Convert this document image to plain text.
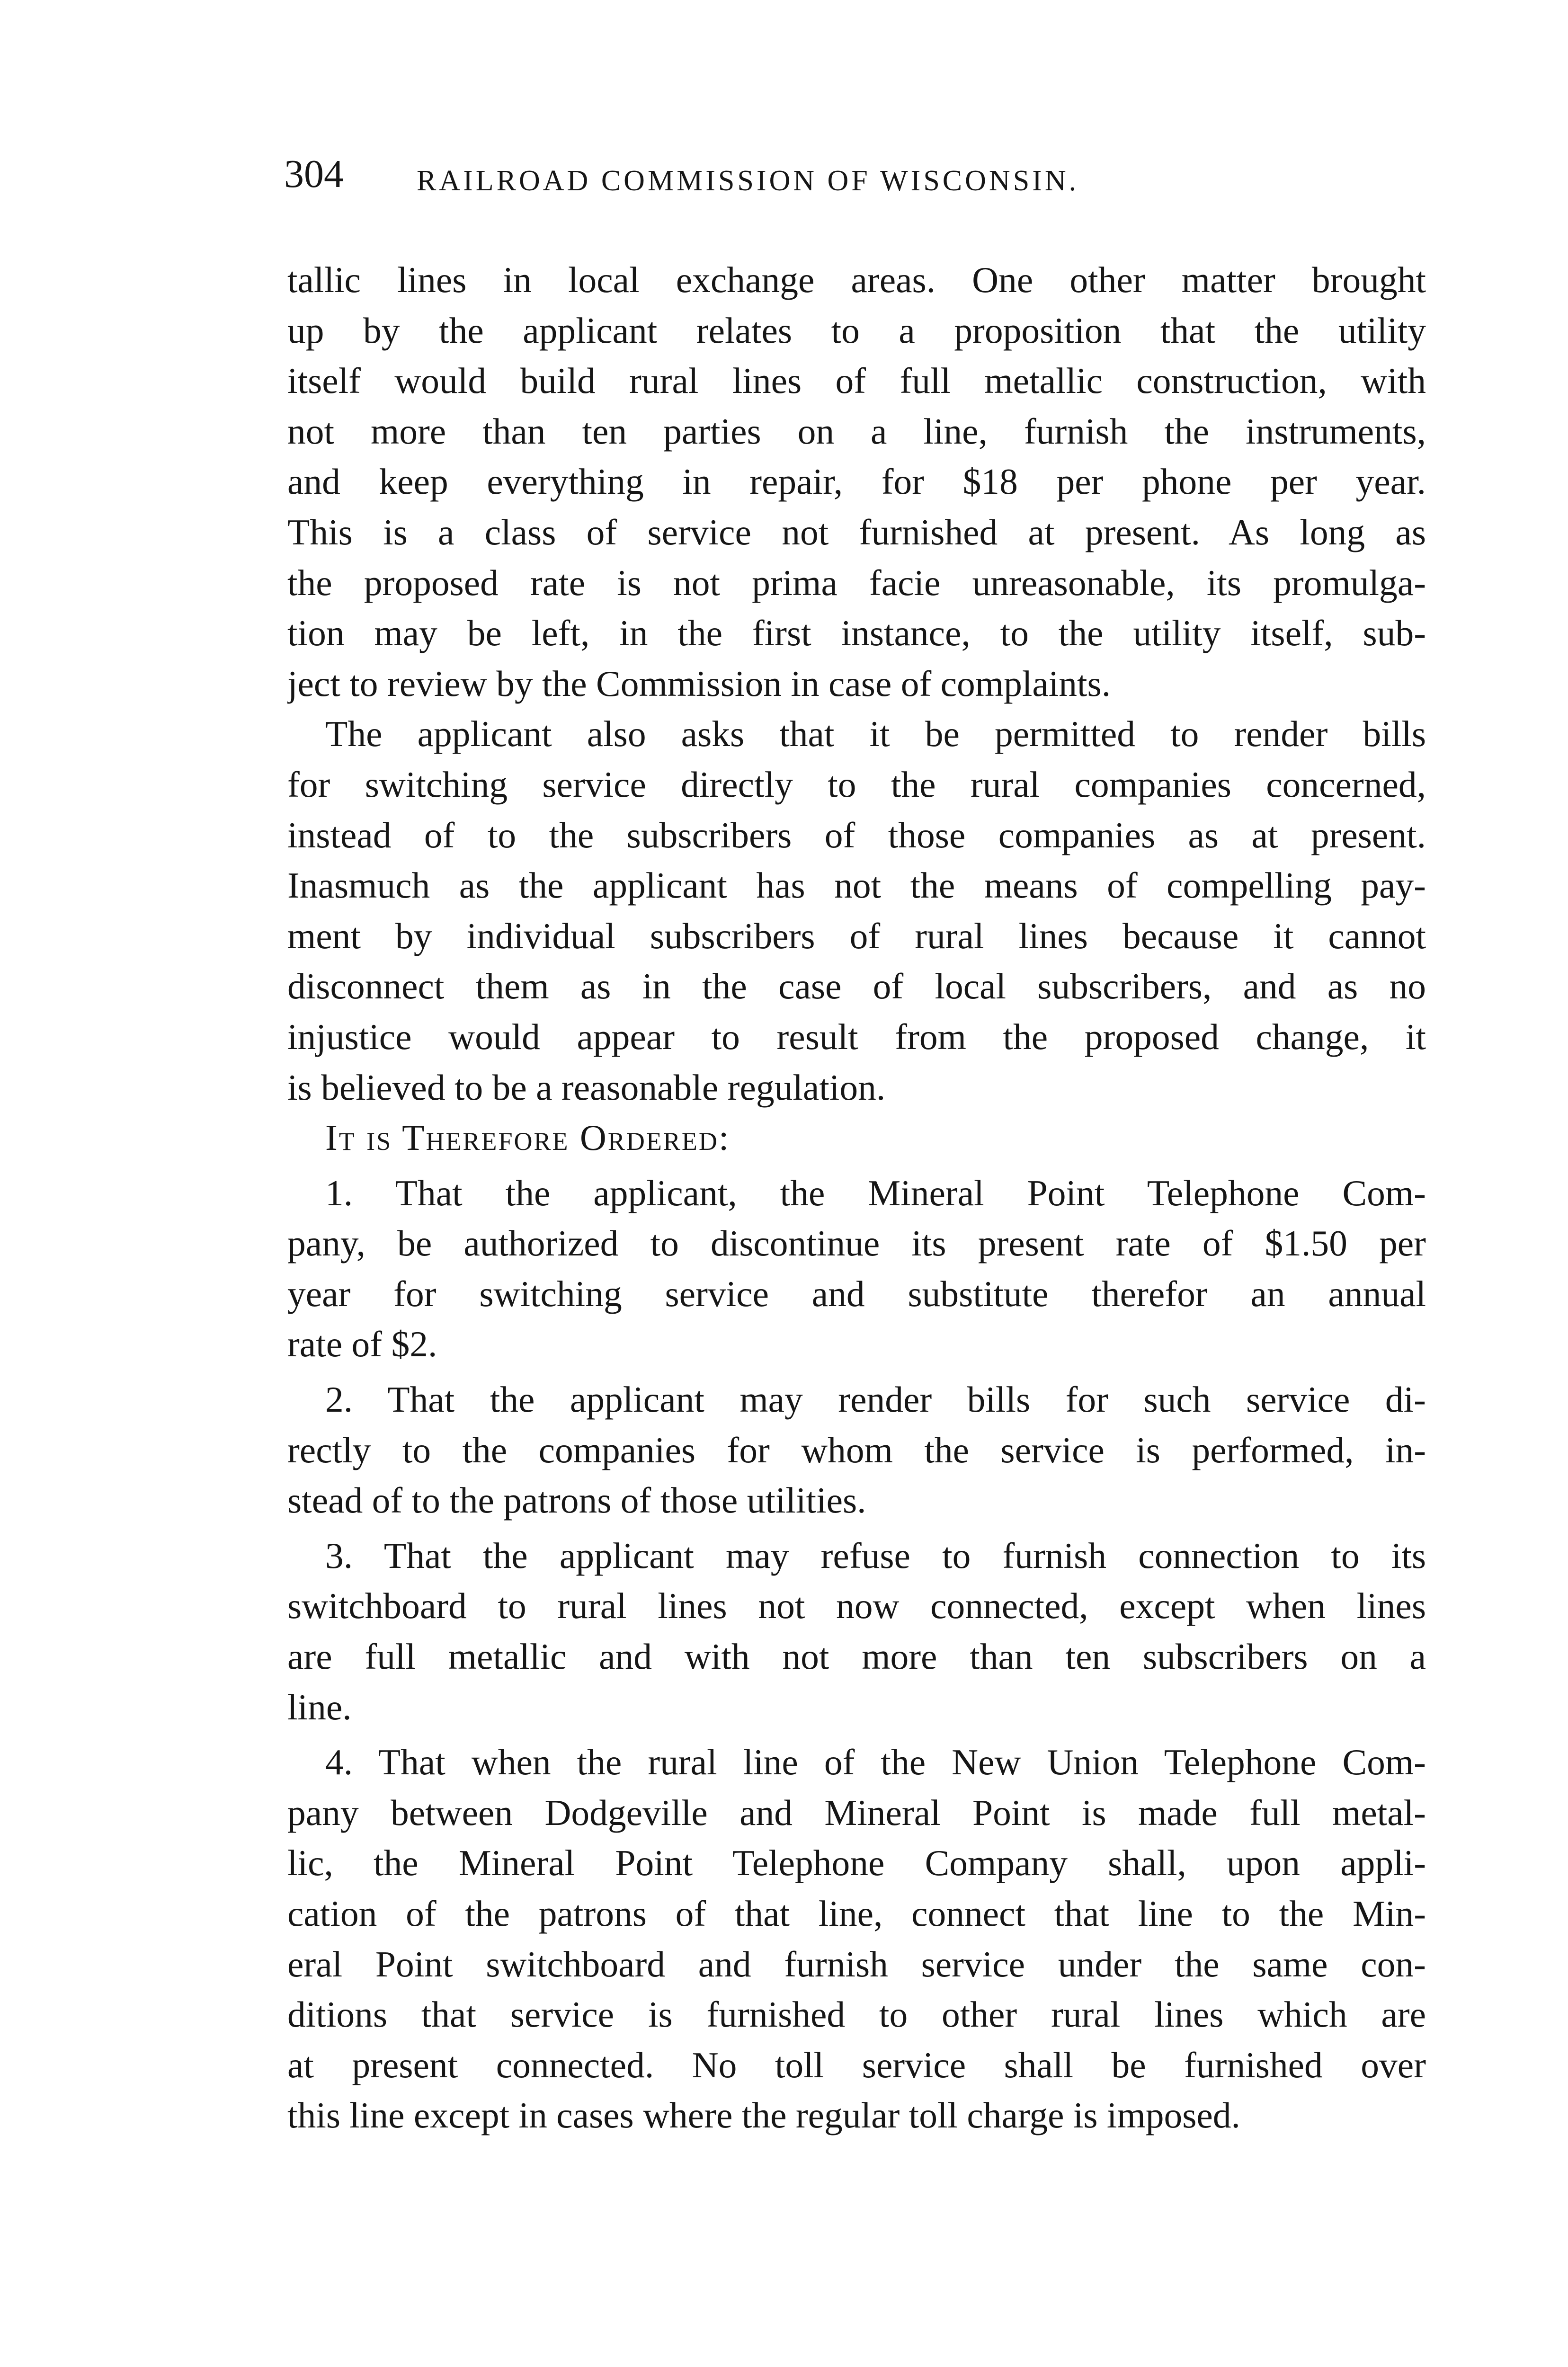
304 RAILROAD COMMISSION OF WISCONSIN.
tallic lines in local exchange areas. One other matter brought
up by the applicant relates to a proposition that the utility
itself would build rural lines of full metallic construction, with
not more than ten parties on a line, furnish the instruments,
and keep everything in repair, for $18 per phone per year.
This is a class of service not furnished at present. As long as
the proposed rate is not prima facie unreasonable, its promulga-
tion may be left, in the first instance, to the utility itself, sub-
ject to review by the Commission in case of complaints.
The applicant also asks that it be permitted to render bills
for switching service directly to the rural companies concerned,
instead of to the subscribers of those companies as at present.
Inasmuch as the applicant has not the means of compelling pay-
ment by individual subscribers of rural lines because it cannot
disconnect them as in the case of local subscribers, and as no
injustice would appear to result from the proposed change, it
is believed to be a reasonable regulation.
It is Therefore Ordered:
1. That the applicant, the Mineral Point Telephone Com-
pany, be authorized to discontinue its present rate of $1.50 per
year for switching service and substitute therefor an annual
rate of $2.
2. That the applicant may render bills for such service di-
rectly to the companies for whom the service is performed, in-
stead of to the patrons of those utilities.
3. That the applicant may refuse to furnish connection to its
switchboard to rural lines not now connected, except when lines
are full metallic and with not more than ten subscribers on a
line.
4. That when the rural line of the New Union Telephone Com-
pany between Dodgeville and Mineral Point is made full metal-
lic, the Mineral Point Telephone Company shall, upon appli-
cation of the patrons of that line, connect that line to the Min-
eral Point switchboard and furnish service under the same con-
ditions that service is furnished to other rural lines which are
at present connected. No toll service shall be furnished over
this line except in cases where the regular toll charge is imposed.
